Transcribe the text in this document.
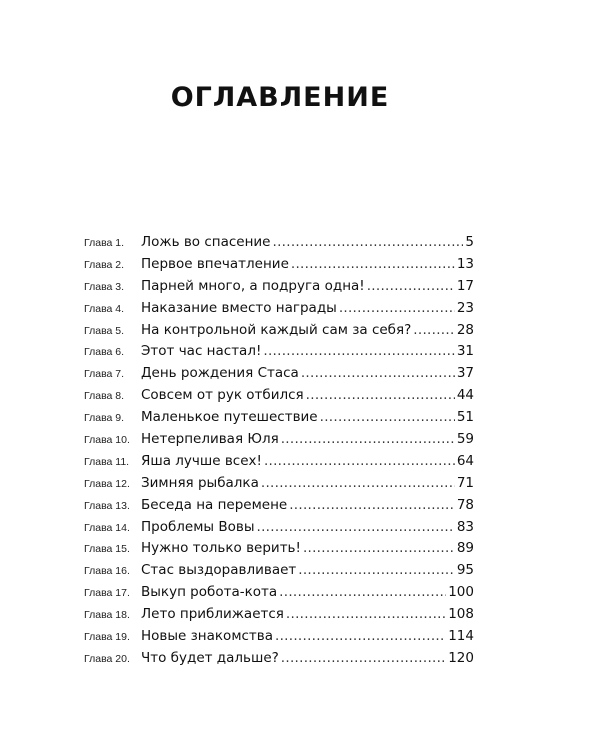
ОГЛАВЛЕНИЕ
Глава 1.	Ложь во спасение . . .	5
Глава 2.	Первое впечатление . . .	13
Глава 3.	Парней много, а подруга одна! . . .	17
Глава 4.	Наказание вместо награды . . .	23
Глава 5.	На контрольной каждый сам за себя? . . .	28
Глава 6.	Этот час настал! . . .	31
Глава 7.	День рождения Стаса . . .	37
Глава 8.	Совсем от рук отбился . . .	44
Глава 9.	Маленькое путешествие . . .	51
Глава 10. Нетерпеливая Юля . . .	59
Глава 11. Яша лучше всех! . . .	64
Глава 12. Зимняя рыбалка . . .	71
Глава 13. Беседа на перемене . . .	78
Глава 14. Проблемы Вовы . . .	83
Глава 15. Нужно только верить! . . .	89
Глава 16. Стас выздоравливает . . .	95
Глава 17. Выкуп робота-кота . . .	100
Глава 18. Лето приближается . . .	108
Глава 19. Новые знакомства . . .	114
Глава 20. Что будет дальше? . . .	120
